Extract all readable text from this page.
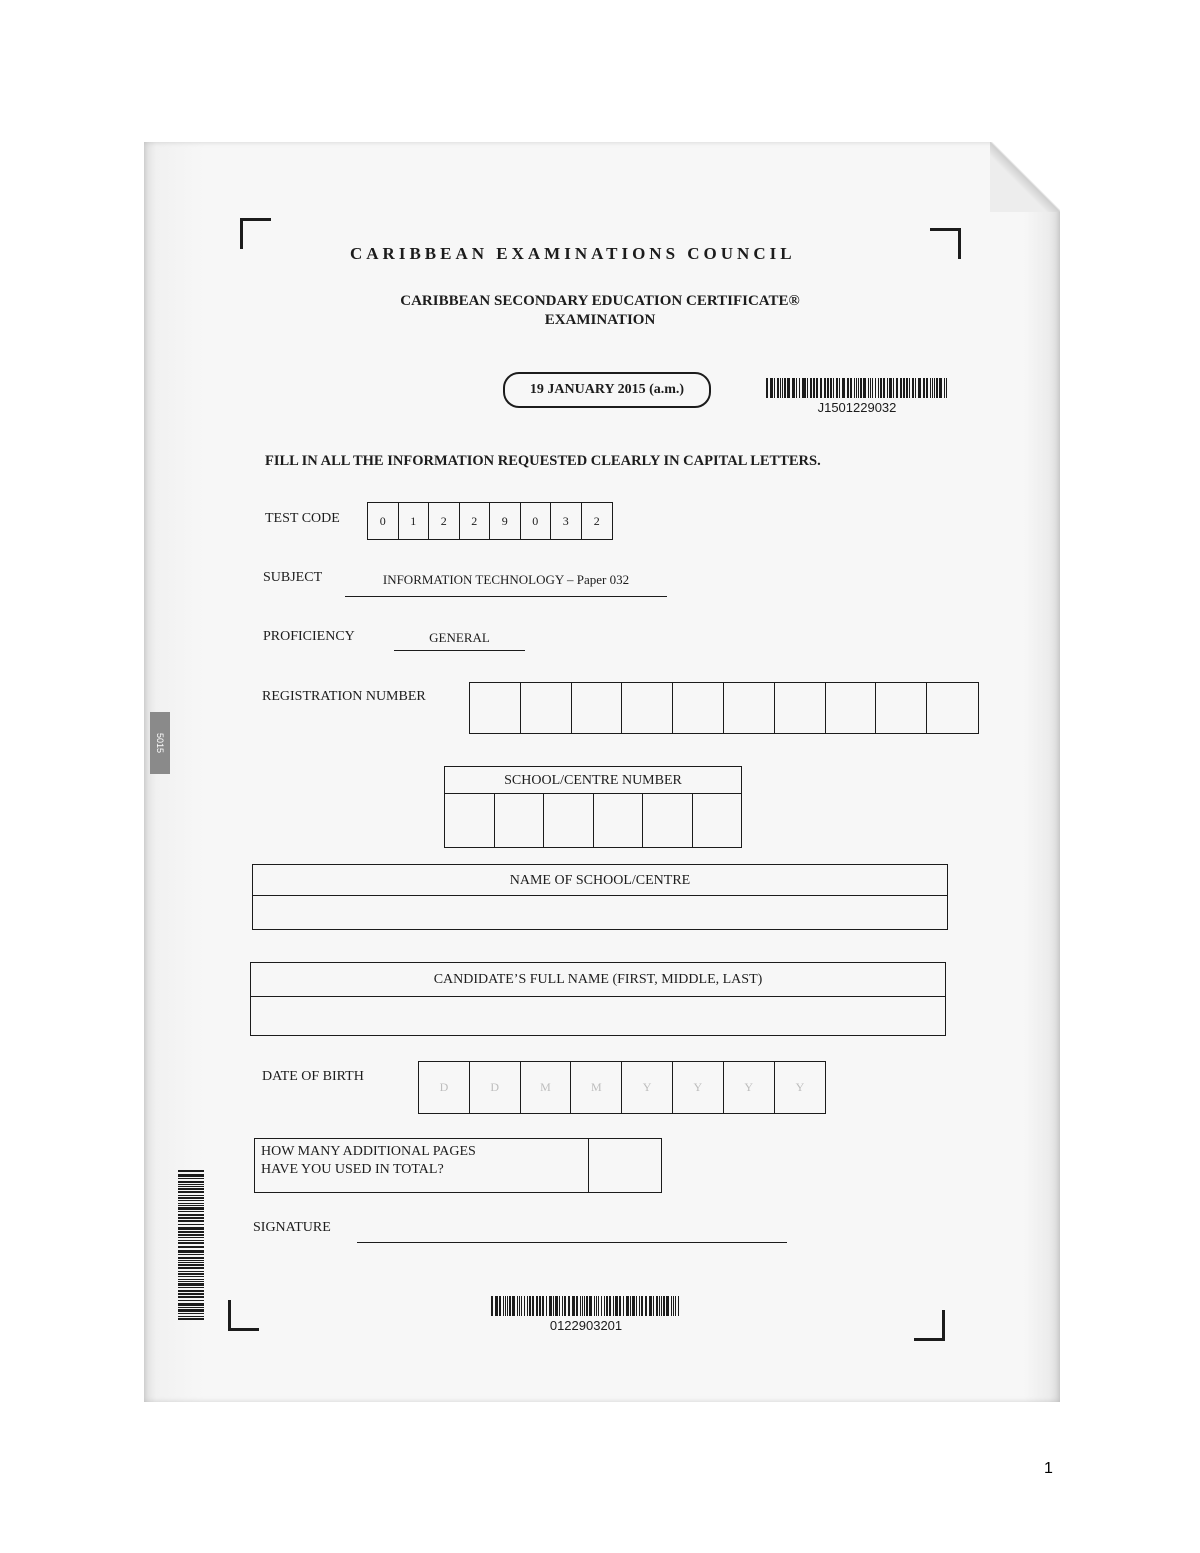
5015
CARIBBEAN EXAMINATIONS COUNCIL
CARIBBEAN SECONDARY EDUCATION CERTIFICATE®
EXAMINATION
19 JANUARY 2015 (a.m.)
J1501229032
FILL IN ALL THE INFORMATION REQUESTED CLEARLY IN CAPITAL LETTERS.
TEST CODE	0	1	2	2	9	0	3	2
SUBJECT	INFORMATION TECHNOLOGY – Paper 032
PROFICIENCY	GENERAL
REGISTRATION NUMBER
SCHOOL/CENTRE NUMBER
NAME OF SCHOOL/CENTRE
CANDIDATE’S FULL NAME (FIRST, MIDDLE, LAST)
DATE OF BIRTH
D	D	M	M	Y	Y	Y	Y
HOW MANY ADDITIONAL PAGES
HAVE YOU USED IN TOTAL?
SIGNATURE
0122903201
1
